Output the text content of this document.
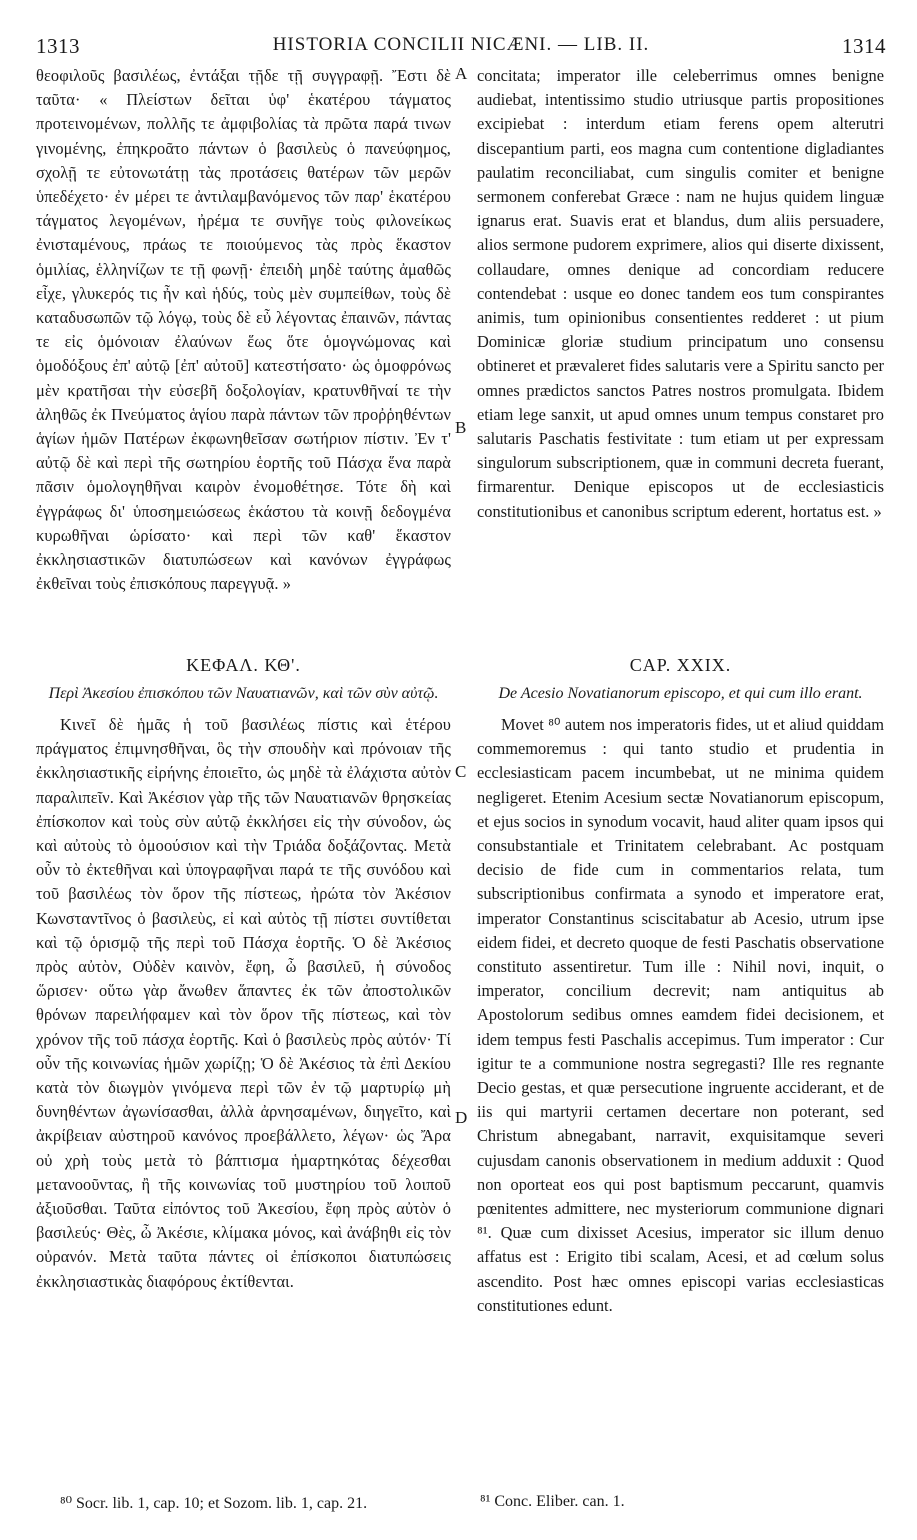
1313	HISTORIA CONCILII NICÆNI. — LIB. II.	1314

θεοφιλοῦς βασιλέως, ἐντάξαι τῇδε τῇ συγγραφῇ. Ἔστι δὲ ταῦτα· « Πλείστων δεῖται ὑφ' ἑκατέρου τάγματος προτεινομένων, πολλῆς τε ἀμφιβολίας τὰ πρῶτα παρά τινων γινομένης, ἐπηκροᾶτο πάντων ὁ βασιλεὺς ὁ πανεύφημος, σχολῇ τε εὐτονωτάτῃ τὰς προτάσεις θατέρων τῶν μερῶν ὑπεδέχετο· ἐν μέρει τε ἀντιλαμβανόμενος τῶν παρ' ἑκατέρου τάγματος λεγομένων, ἠρέμα τε συνῆγε τοὺς φιλονείκως ἐνισταμένους, πράως τε ποιούμενος τὰς πρὸς ἕκαστον ὁμιλίας, ἑλληνίζων τε τῇ φωνῇ· ἐπειδὴ μηδὲ ταύτης ἀμαθῶς εἶχε, γλυκερός τις ἦν καὶ ἡδύς, τοὺς μὲν συμπείθων, τοὺς δὲ καταδυσωπῶν τῷ λόγῳ, τοὺς δὲ εὖ λέγοντας ἐπαινῶν, πάντας τε εἰς ὁμόνοιαν ἐλαύνων ἕως ὅτε ὁμογνώμονας καὶ ὁμοδόξους ἐπ' αὐτῷ [ἐπ' αὐτοῦ] κατεστήσατο· ὡς ὁμοφρόνως μὲν κρατῆσαι τὴν εὐσεβῆ δοξολογίαν, κρατυνθῆναί τε τὴν ἀληθῶς ἐκ Πνεύματος ἁγίου παρὰ πάντων τῶν προῤῥηθέντων ἁγίων ἡμῶν Πατέρων ἐκφωνηθεῖσαν σωτήριον πίστιν. Ἐν τ' αὐτῷ δὲ καὶ περὶ τῆς σωτηρίου ἑορτῆς τοῦ Πάσχα ἕνα παρὰ πᾶσιν ὁμολογηθῆναι καιρὸν ἐνομοθέτησε. Τότε δὴ καὶ ἐγγράφως δι' ὑποσημειώσεως ἑκάστου τὰ κοινῇ δεδογμένα κυρωθῆναι ὡρίσατο· καὶ περὶ τῶν καθ' ἕκαστον ἐκκλησιαστικῶν διατυπώσεων καὶ κανόνων ἐγγράφως ἐκθεῖναι τοὺς ἐπισκόπους παρεγγυᾷ. »

concitata; imperator ille celeberrimus omnes benigne audiebat, intentissimo studio utriusque partis propositiones excipiebat : interdum etiam ferens opem alterutri discepantium parti, eos magna cum contentione digladiantes paulatim reconciliabat, cum singulis comiter et benigne sermonem conferebat Græce : nam ne hujus quidem linguæ ignarus erat. Suavis erat et blandus, dum aliis persuadere, alios sermone pudorem exprimere, alios qui diserte dixissent, collaudare, omnes denique ad concordiam reducere contendebat : usque eo donec tandem eos tum conspirantes animis, tum opinionibus consentientes redderet : ut pium Dominicæ gloriæ studium principatum uno consensu obtineret et prævaleret fides salutaris vere a Spiritu sancto per omnes prædictos sanctos Patres nostros promulgata. Ibidem etiam lege sanxit, ut apud omnes unum tempus constaret pro salutaris Paschatis festivitate : tum etiam ut per expressam singulorum subscriptionem, quæ in communi decreta fuerant, firmarentur. Denique episcopos ut de ecclesiasticis constitutionibus et canonibus scriptum ederent, hortatus est. »

A
B
C
D

ΚΕΦΑΛ. ΚΘ'.

Περὶ Ἀκεσίου ἐπισκόπου τῶν Ναυατιανῶν, καὶ τῶν σὺν αὐτῷ.

Κινεῖ δὲ ἡμᾶς ἡ τοῦ βασιλέως πίστις καὶ ἑτέρου πράγματος ἐπιμνησθῆναι, ὃς τὴν σπουδὴν καὶ πρόνοιαν τῆς ἐκκλησιαστικῆς εἰρήνης ἐποιεῖτο, ὡς μηδὲ τὰ ἐλάχιστα αὐτὸν παραλιπεῖν. Καὶ Ἀκέσιον γὰρ τῆς τῶν Ναυατιανῶν θρησκείας ἐπίσκοπον καὶ τοὺς σὺν αὐτῷ ἐκκλήσει εἰς τὴν σύνοδον, ὡς καὶ αὐτοὺς τὸ ὁμοούσιον καὶ τὴν Τριάδα δοξάζοντας. Μετὰ οὖν τὸ ἐκτεθῆναι καὶ ὑπογραφῆναι παρά τε τῆς συνόδου καὶ τοῦ βασιλέως τὸν ὅρον τῆς πίστεως, ἠρώτα τὸν Ἀκέσιον Κωνσταντῖνος ὁ βασιλεὺς, εἰ καὶ αὐτὸς τῇ πίστει συντίθεται καὶ τῷ ὁρισμῷ τῆς περὶ τοῦ Πάσχα ἑορτῆς. Ὁ δὲ Ἀκέσιος πρὸς αὐτὸν, Οὐδὲν καινὸν, ἔφη, ὦ βασιλεῦ, ἡ σύνοδος ὥρισεν· οὕτω γὰρ ἄνωθεν ἅπαντες ἐκ τῶν ἀποστολικῶν θρόνων παρειλήφαμεν καὶ τὸν ὅρον τῆς πίστεως, καὶ τὸν χρόνον τῆς τοῦ πάσχα ἑορτῆς. Καὶ ὁ βασιλεὺς πρὸς αὐτόν· Τί οὖν τῆς κοινωνίας ἡμῶν χωρίζῃ; Ὁ δὲ Ἀκέσιος τὰ ἐπὶ Δεκίου κατὰ τὸν διωγμὸν γινόμενα περὶ τῶν ἐν τῷ μαρτυρίῳ μὴ δυνηθέντων ἀγωνίσασθαι, ἀλλὰ ἀρνησαμένων, διηγεῖτο, καὶ ἀκρίβειαν αὐστηροῦ κανόνος προεβάλλετο, λέγων· ὡς Ἄρα οὐ χρὴ τοὺς μετὰ τὸ βάπτισμα ἡμαρτηκότας δέχεσθαι μετανοοῦντας, ἢ τῆς κοινωνίας τοῦ μυστηρίου τοῦ λοιποῦ ἀξιοῦσθαι. Ταῦτα εἰπόντος τοῦ Ἀκεσίου, ἔφη πρὸς αὐτὸν ὁ βασιλεύς· Θὲς, ὦ Ἀκέσιε, κλίμακα μόνος, καὶ ἀνάβηθι εἰς τὸν οὐρανόν. Μετὰ ταῦτα πάντες οἱ ἐπίσκοποι διατυπώσεις ἐκκλησιαστικὰς διαφόρους ἐκτίθενται.

CAP. XXIX.

De Acesio Novatianorum episcopo, et qui cum illo erant.

Movet ⁸⁰ autem nos imperatoris fides, ut et aliud quiddam commemoremus : qui tanto studio et prudentia in ecclesiasticam pacem incumbebat, ut ne minima quidem negligeret. Etenim Acesium sectæ Novatianorum episcopum, et ejus socios in synodum vocavit, haud aliter quam ipsos qui consubstantiale et Trinitatem celebrabant. Ac postquam decisio de fide cum in commentarios relata, tum subscriptionibus confirmata a synodo et imperatore erat, imperator Constantinus sciscitabatur ab Acesio, utrum ipse eidem fidei, et decreto quoque de festi Paschatis observatione constituto assentiretur. Tum ille : Nihil novi, inquit, o imperator, concilium decrevit; nam antiquitus ab Apostolorum sedibus omnes eamdem fidei decisionem, et idem tempus festi Paschalis accepimus. Tum imperator : Cur igitur te a communione nostra segregasti? Ille res regnante Decio gestas, et quæ persecutione ingruente acciderant, et de iis qui martyrii certamen decertare non poterant, sed Christum abnegabant, narravit, exquisitamque severi cujusdam canonis observationem in medium adduxit : Quod non oporteat eos qui post baptismum peccarunt, quamvis pœnitentes admittere, nec mysteriorum communione dignari ⁸¹. Quæ cum dixisset Acesius, imperator sic illum denuo affatus est : Erigito tibi scalam, Acesi, et ad cœlum solus ascendito. Post hæc omnes episcopi varias ecclesiasticas constitutiones edunt.

⁸⁰ Socr. lib. 1, cap. 10; et Sozom. lib. 1, cap. 21.	⁸¹ Conc. Eliber. can. 1.
